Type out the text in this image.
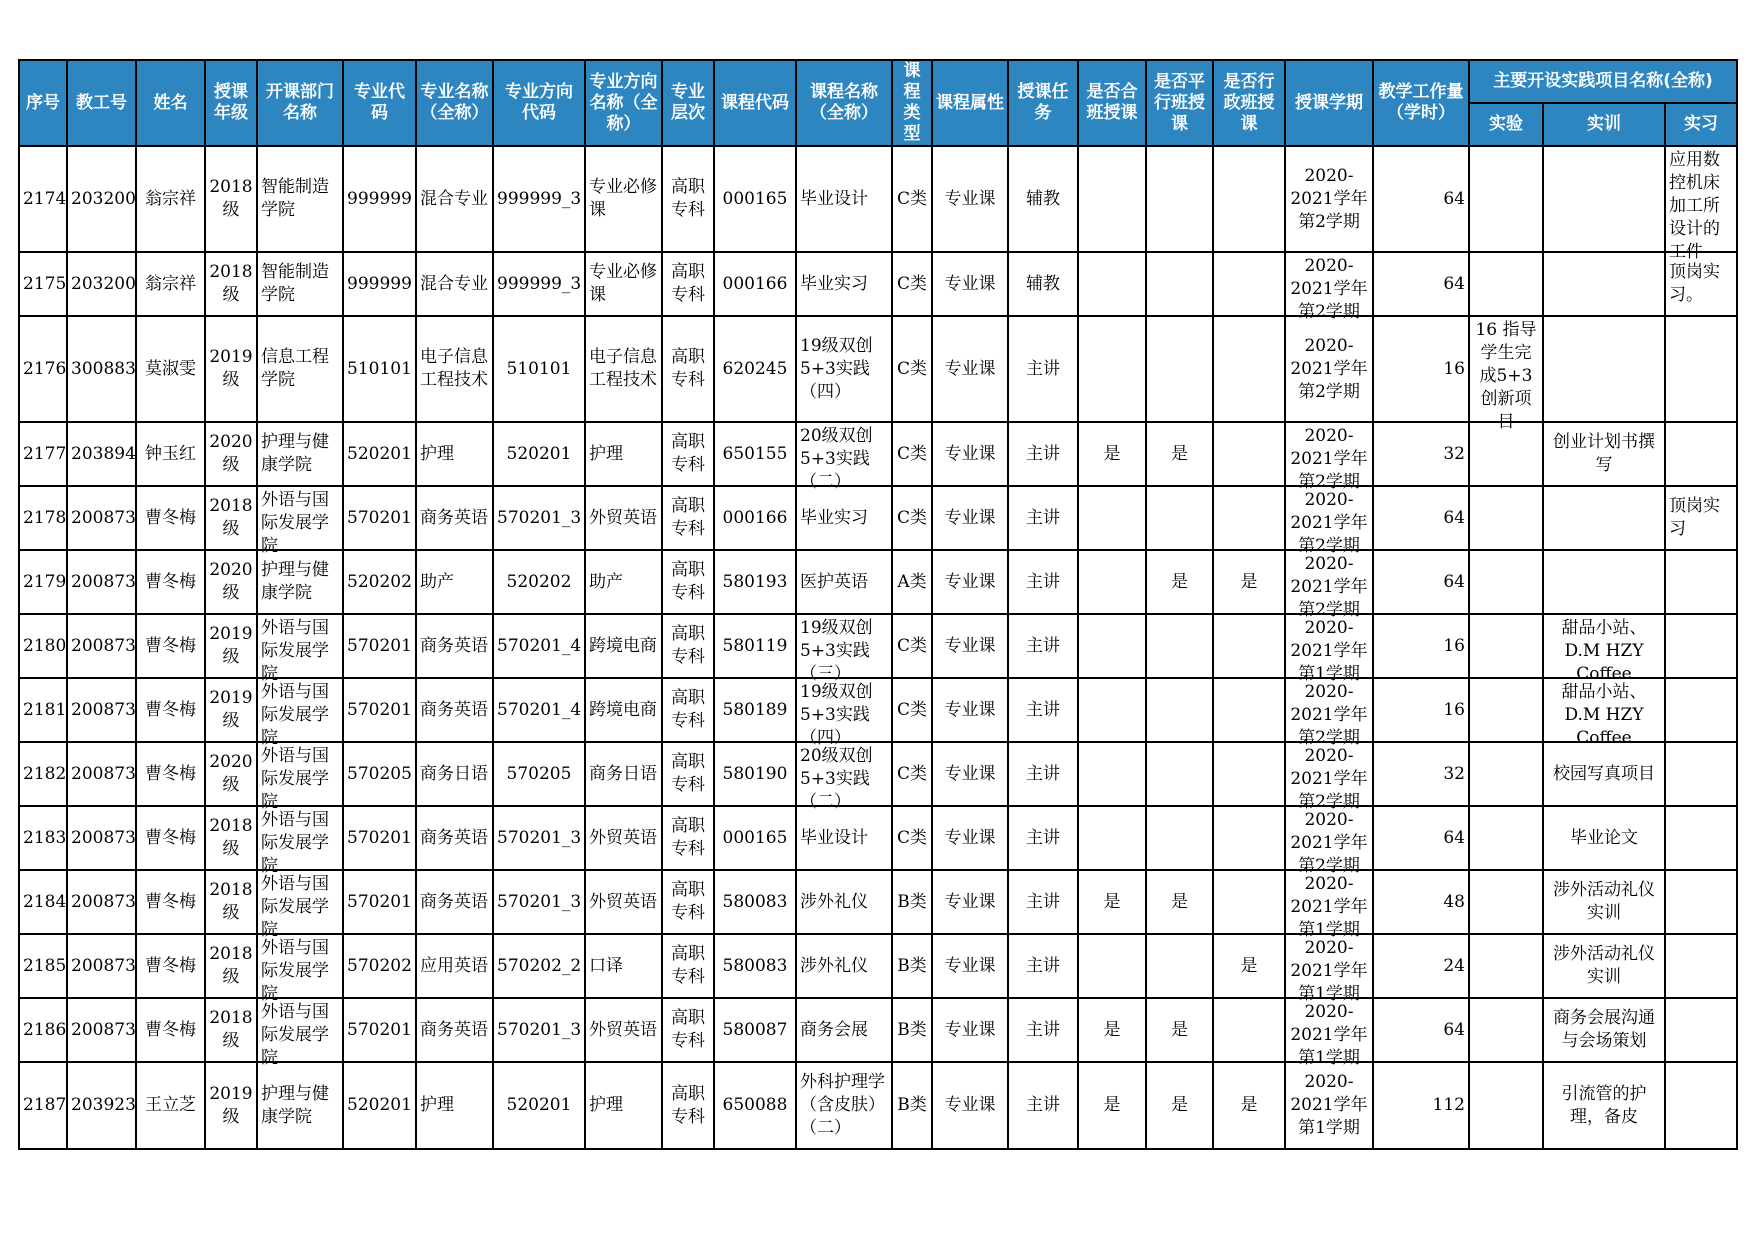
序号	教工号	姓名	授课年级	开课部门名称	专业代码	专业名称（全称）	专业方向代码	专业方向名称（全称）	专业层次	课程代码	课程名称（全称）	课程类型	课程属性	授课任务	是否合班授课	是否平行班授课	是否行政班授课	授课学期	教学工作量（学时）	主要开设实践项目名称(全称)		
																				实验	实训	实习

2174	203200	翁宗祥	2018级	智能制造学院	999999	混合专业	999999_3	专业必修课	高职专科	000165	毕业设计	C类	专业课	辅教				2020-2021学年第2学期	64			应用数控机床加工所设计的工件

2175	203200	翁宗祥	2018级	智能制造学院	999999	混合专业	999999_3	专业必修课	高职专科	000166	毕业实习	C类	专业课	辅教				2020-2021学年第2学期	64			顶岗实习。

2176	300883	莫淑雯	2019级	信息工程学院	510101	电子信息工程技术	510101	电子信息工程技术	高职专科	620245	19级双创5+3实践（四）	C类	专业课	主讲				2020-2021学年第2学期	16	16 指导学生完成5+3创新项目		

2177	203894	钟玉红	2020级	护理与健康学院	520201	护理	520201	护理	高职专科	650155	20级双创5+3实践（二）	C类	专业课	主讲	是	是		2020-2021学年第2学期	32		创业计划书撰写	

2178	200873	曹冬梅	2018级	外语与国际发展学院	570201	商务英语	570201_3	外贸英语	高职专科	000166	毕业实习	C类	专业课	主讲				2020-2021学年第2学期	64			顶岗实习

2179	200873	曹冬梅	2020级	护理与健康学院	520202	助产	520202	助产	高职专科	580193	医护英语	A类	专业课	主讲		是	是	2020-2021学年第2学期	64			

2180	200873	曹冬梅	2019级	外语与国际发展学院	570201	商务英语	570201_4	跨境电商	高职专科	580119	19级双创5+3实践（三）	C类	专业课	主讲				2020-2021学年第1学期	16		甜品小站、D.M HZY Coffee	

2181	200873	曹冬梅	2019级	外语与国际发展学院	570201	商务英语	570201_4	跨境电商	高职专科	580189	19级双创5+3实践（四）	C类	专业课	主讲				2020-2021学年第2学期	16		甜品小站、D.M HZY Coffee	

2182	200873	曹冬梅	2020级	外语与国际发展学院	570205	商务日语	570205	商务日语	高职专科	580190	20级双创5+3实践（二）	C类	专业课	主讲				2020-2021学年第2学期	32		校园写真项目	

2183	200873	曹冬梅	2018级	外语与国际发展学院	570201	商务英语	570201_3	外贸英语	高职专科	000165	毕业设计	C类	专业课	主讲				2020-2021学年第2学期	64		毕业论文	

2184	200873	曹冬梅	2018级	外语与国际发展学院	570201	商务英语	570201_3	外贸英语	高职专科	580083	涉外礼仪	B类	专业课	主讲	是	是		2020-2021学年第1学期	48		涉外活动礼仪实训	

2185	200873	曹冬梅	2018级	外语与国际发展学院	570202	应用英语	570202_2	口译	高职专科	580083	涉外礼仪	B类	专业课	主讲			是	2020-2021学年第1学期	24		涉外活动礼仪实训	

2186	200873	曹冬梅	2018级	外语与国际发展学院	570201	商务英语	570201_3	外贸英语	高职专科	580087	商务会展	B类	专业课	主讲	是	是		2020-2021学年第1学期	64		商务会展沟通与会场策划	

2187	203923	王立芝	2019级	护理与健康学院	520201	护理	520201	护理	高职专科	650088	外科护理学（含皮肤）（二）	B类	专业课	主讲	是	是	是	2020-2021学年第1学期	112		引流管的护理，备皮	
